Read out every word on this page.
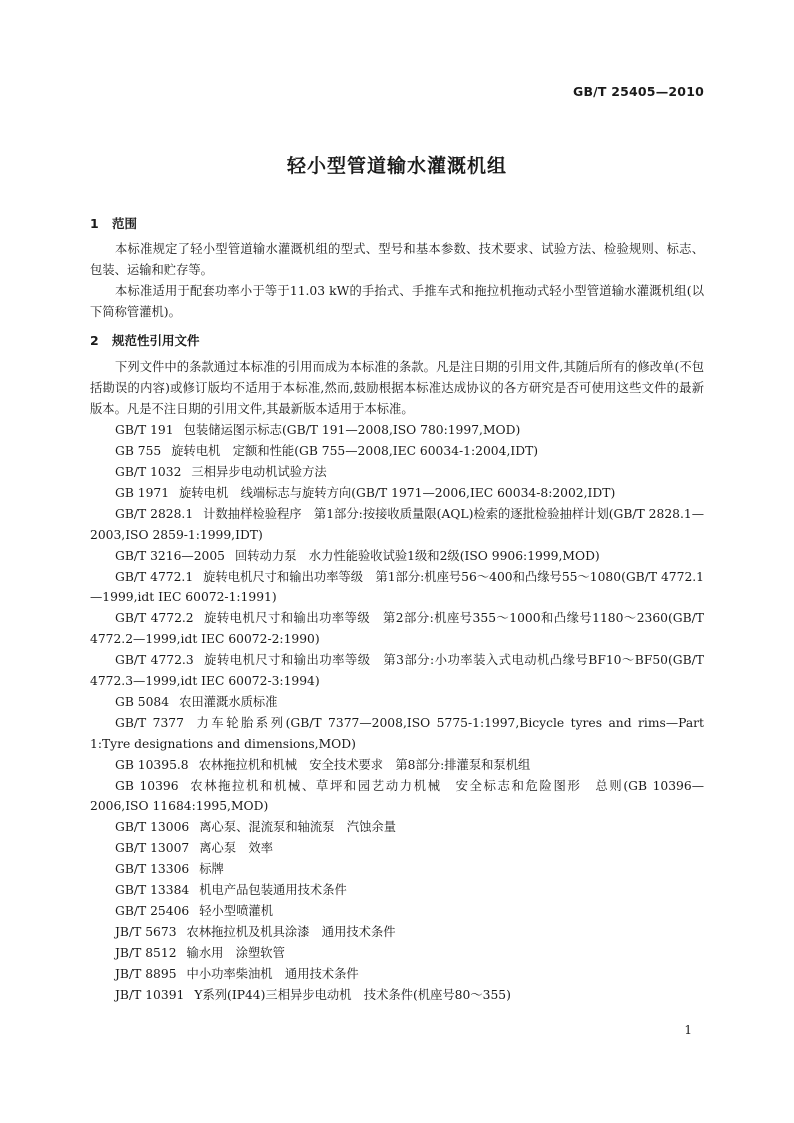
GB/T 25405—2010
轻小型管道输水灌溉机组

1 范围

本标准规定了轻小型管道输水灌溉机组的型式、型号和基本参数、技术要求、试验方法、检验规则、标志、包装、运输和贮存等。

本标准适用于配套功率小于等于11.03 kW的手抬式、手推车式和拖拉机拖动式轻小型管道输水灌溉机组(以下简称管灌机)。

2 规范性引用文件

下列文件中的条款通过本标准的引用而成为本标准的条款。凡是注日期的引用文件,其随后所有的修改单(不包括勘误的内容)或修订版均不适用于本标准,然而,鼓励根据本标准达成协议的各方研究是否可使用这些文件的最新版本。凡是不注日期的引用文件,其最新版本适用于本标准。

GB/T 191 包装储运图示标志(GB/T 191—2008,ISO 780:1997,MOD)
GB 755 旋转电机　定额和性能(GB 755—2008,IEC 60034-1:2004,IDT)
GB/T 1032 三相异步电动机试验方法
GB 1971 旋转电机　线端标志与旋转方向(GB/T 1971—2006,IEC 60034-8:2002,IDT)
GB/T 2828.1 计数抽样检验程序　第1部分:按接收质量限(AQL)检索的逐批检验抽样计划(GB/T 2828.1—2003,ISO 2859-1:1999,IDT)
GB/T 3216—2005 回转动力泵　水力性能验收试验1级和2级(ISO 9906:1999,MOD)
GB/T 4772.1 旋转电机尺寸和输出功率等级　第1部分:机座号56～400和凸缘号55～1080(GB/T 4772.1—1999,idt IEC 60072-1:1991)
GB/T 4772.2 旋转电机尺寸和输出功率等级　第2部分:机座号355～1000和凸缘号1180～2360(GB/T 4772.2—1999,idt IEC 60072-2:1990)
GB/T 4772.3 旋转电机尺寸和输出功率等级　第3部分:小功率装入式电动机凸缘号BF10～BF50(GB/T 4772.3—1999,idt IEC 60072-3:1994)
GB 5084 农田灌溉水质标准
GB/T 7377 力车轮胎系列(GB/T 7377—2008,ISO 5775-1:1997,Bicycle tyres and rims—Part 1:Tyre designations and dimensions,MOD)
GB 10395.8 农林拖拉机和机械　安全技术要求　第8部分:排灌泵和泵机组
GB 10396 农林拖拉机和机械、草坪和园艺动力机械　安全标志和危险图形　总则(GB 10396—2006,ISO 11684:1995,MOD)
GB/T 13006 离心泵、混流泵和轴流泵　汽蚀余量
GB/T 13007 离心泵　效率
GB/T 13306 标牌
GB/T 13384 机电产品包装通用技术条件
GB/T 25406 轻小型喷灌机
JB/T 5673 农林拖拉机及机具涂漆　通用技术条件
JB/T 8512 输水用　涂塑软管
JB/T 8895 中小功率柴油机　通用技术条件
JB/T 10391 Y系列(IP44)三相异步电动机　技术条件(机座号80～355)
1
